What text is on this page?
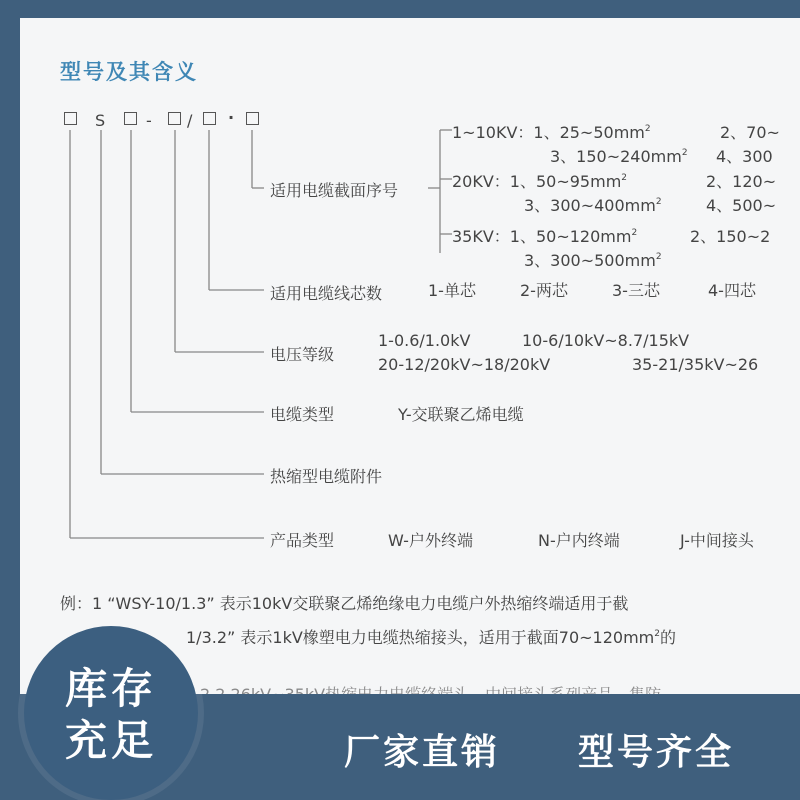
型号及其含义
S	- / ·
适用电缆截面序号
1~10KV：1、$25\sim 50mm^2$	2、70~
3、$150\sim 240mm^2$ 4、300
20KV：1、$50\sim 95mm^2$	2、120~
3、$300\sim 400mm^2$	4、500~
35KV：1、$50\sim 120mm^2$	2、150~2
3、$300\sim 500mm^2$
适用电缆线芯数	1-单芯	2-两芯	3-三芯	4-四芯
电压等级
1-0.6/1.0kV	10-6/10kV~8.7/15kV
20-12/20kV~18/20kV	35-21/35kV~26
电缆类型	Y-交联聚乙烯电缆
热缩型电缆附件
产品类型	W-户外终端	N-户内终端	J-中间接头
例：1 “WSY-10/1.3” 表示10kV交联聚乙烯绝缘电力电缆户外热缩终端适用于截
1/3.2” 表示1kV橡塑电力电缆热缩接头，适用于截面$70\sim 120mm^2$的
库存
充足	厂家直销 型号齐全
